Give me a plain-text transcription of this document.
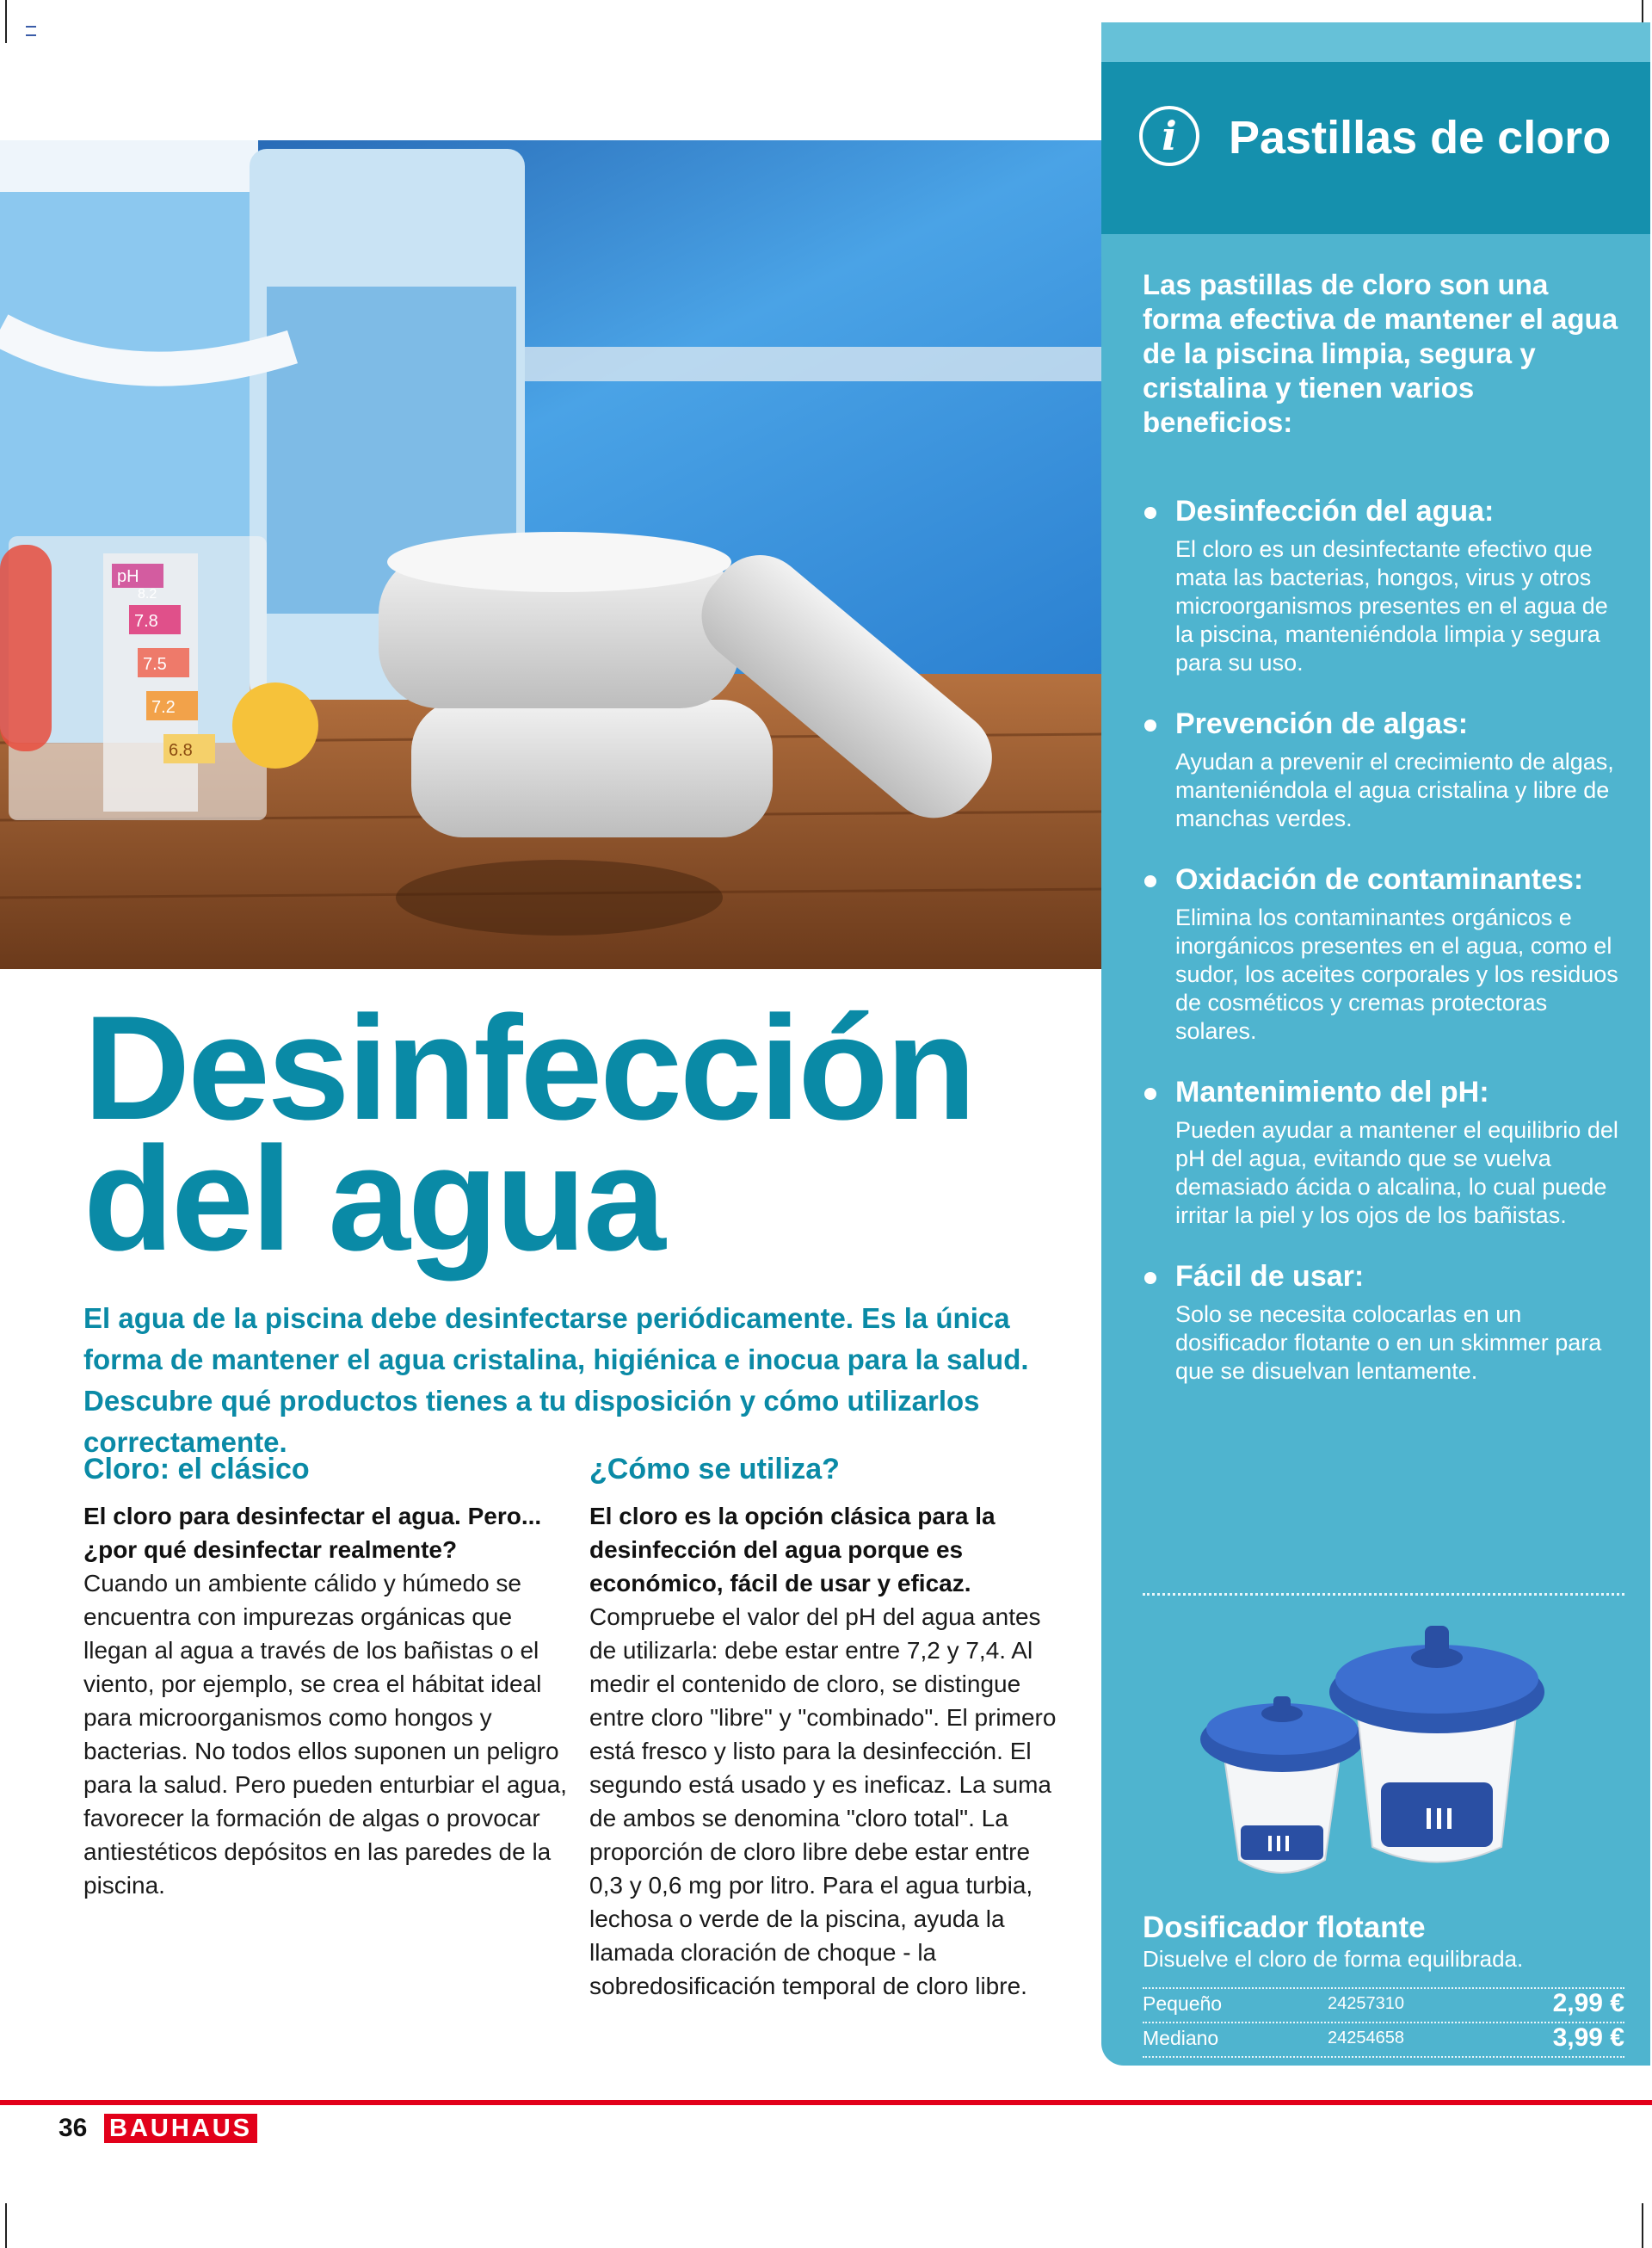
pH
7.8
7.5
7.2
6.8
8.2
Desinfección
del agua
El agua de la piscina debe desinfectarse periódicamente. Es la única forma de mantener el agua cristalina, higiénica e inocua para la salud. Descubre qué productos tienes a tu disposición y cómo utilizarlos correctamente.
Cloro: el clásico
El cloro para desinfectar el agua. Pero... ¿por qué desinfectar realmente?
Cuando un ambiente cálido y húmedo se encuentra con impurezas orgánicas que llegan al agua a través de los bañistas o el viento, por ejemplo, se crea el hábitat ideal para microorganismos como hongos y bacterias. No todos ellos suponen un peligro para la salud. Pero pueden enturbiar el agua, favorecer la formación de algas o provocar antiestéticos depósitos en las paredes de la piscina.
¿Cómo se utiliza?
El cloro es la opción clásica para la desinfección del agua porque es económico, fácil de usar y eficaz.
Compruebe el valor del pH del agua antes de utilizarla: debe estar entre 7,2 y 7,4. Al medir el contenido de cloro, se distingue entre cloro "libre" y "combinado". El primero está fresco y listo para la desinfección. El segundo está usado y es ineficaz. La suma de ambos se denomina "cloro total". La proporción de cloro libre debe estar entre 0,3 y 0,6 mg por litro. Para el agua turbia, lechosa o verde de la piscina, ayuda la llamada cloración de choque - la sobredosificación temporal de cloro libre.
i	Pastillas de cloro
Las pastillas de cloro son una forma efectiva de mantener el agua de la piscina limpia, segura y cristalina y tienen varios beneficios:
Desinfección del agua:

El cloro es un desinfectante efectivo que mata las bacterias, hongos, virus y otros microorganismos presentes en el agua de la piscina, manteniéndola limpia y segura para su uso.

Prevención de algas:

Ayudan a prevenir el crecimiento de algas, manteniéndola el agua cristalina y libre de manchas verdes.

Oxidación de contaminantes:

Elimina los contaminantes orgánicos e inorgánicos presentes en el agua, como el sudor, los aceites corporales y los residuos de cosméticos y cremas protectoras solares.

Mantenimiento del pH:

Pueden ayudar a mantener el equilibrio del pH del agua, evitando que se vuelva demasiado ácida o alcalina, lo cual puede irritar la piel y los ojos de los bañistas.

Fácil de usar:

Solo se necesita colocarlas en un dosificador flotante o en un skimmer para que se disuelvan lentamente.

Dosificador flotante
Disuelve el cloro de forma equilibrada.
Pequeño	24257310	2,99 €
Mediano	24254658	3,99 €
36 BAUHAUS
